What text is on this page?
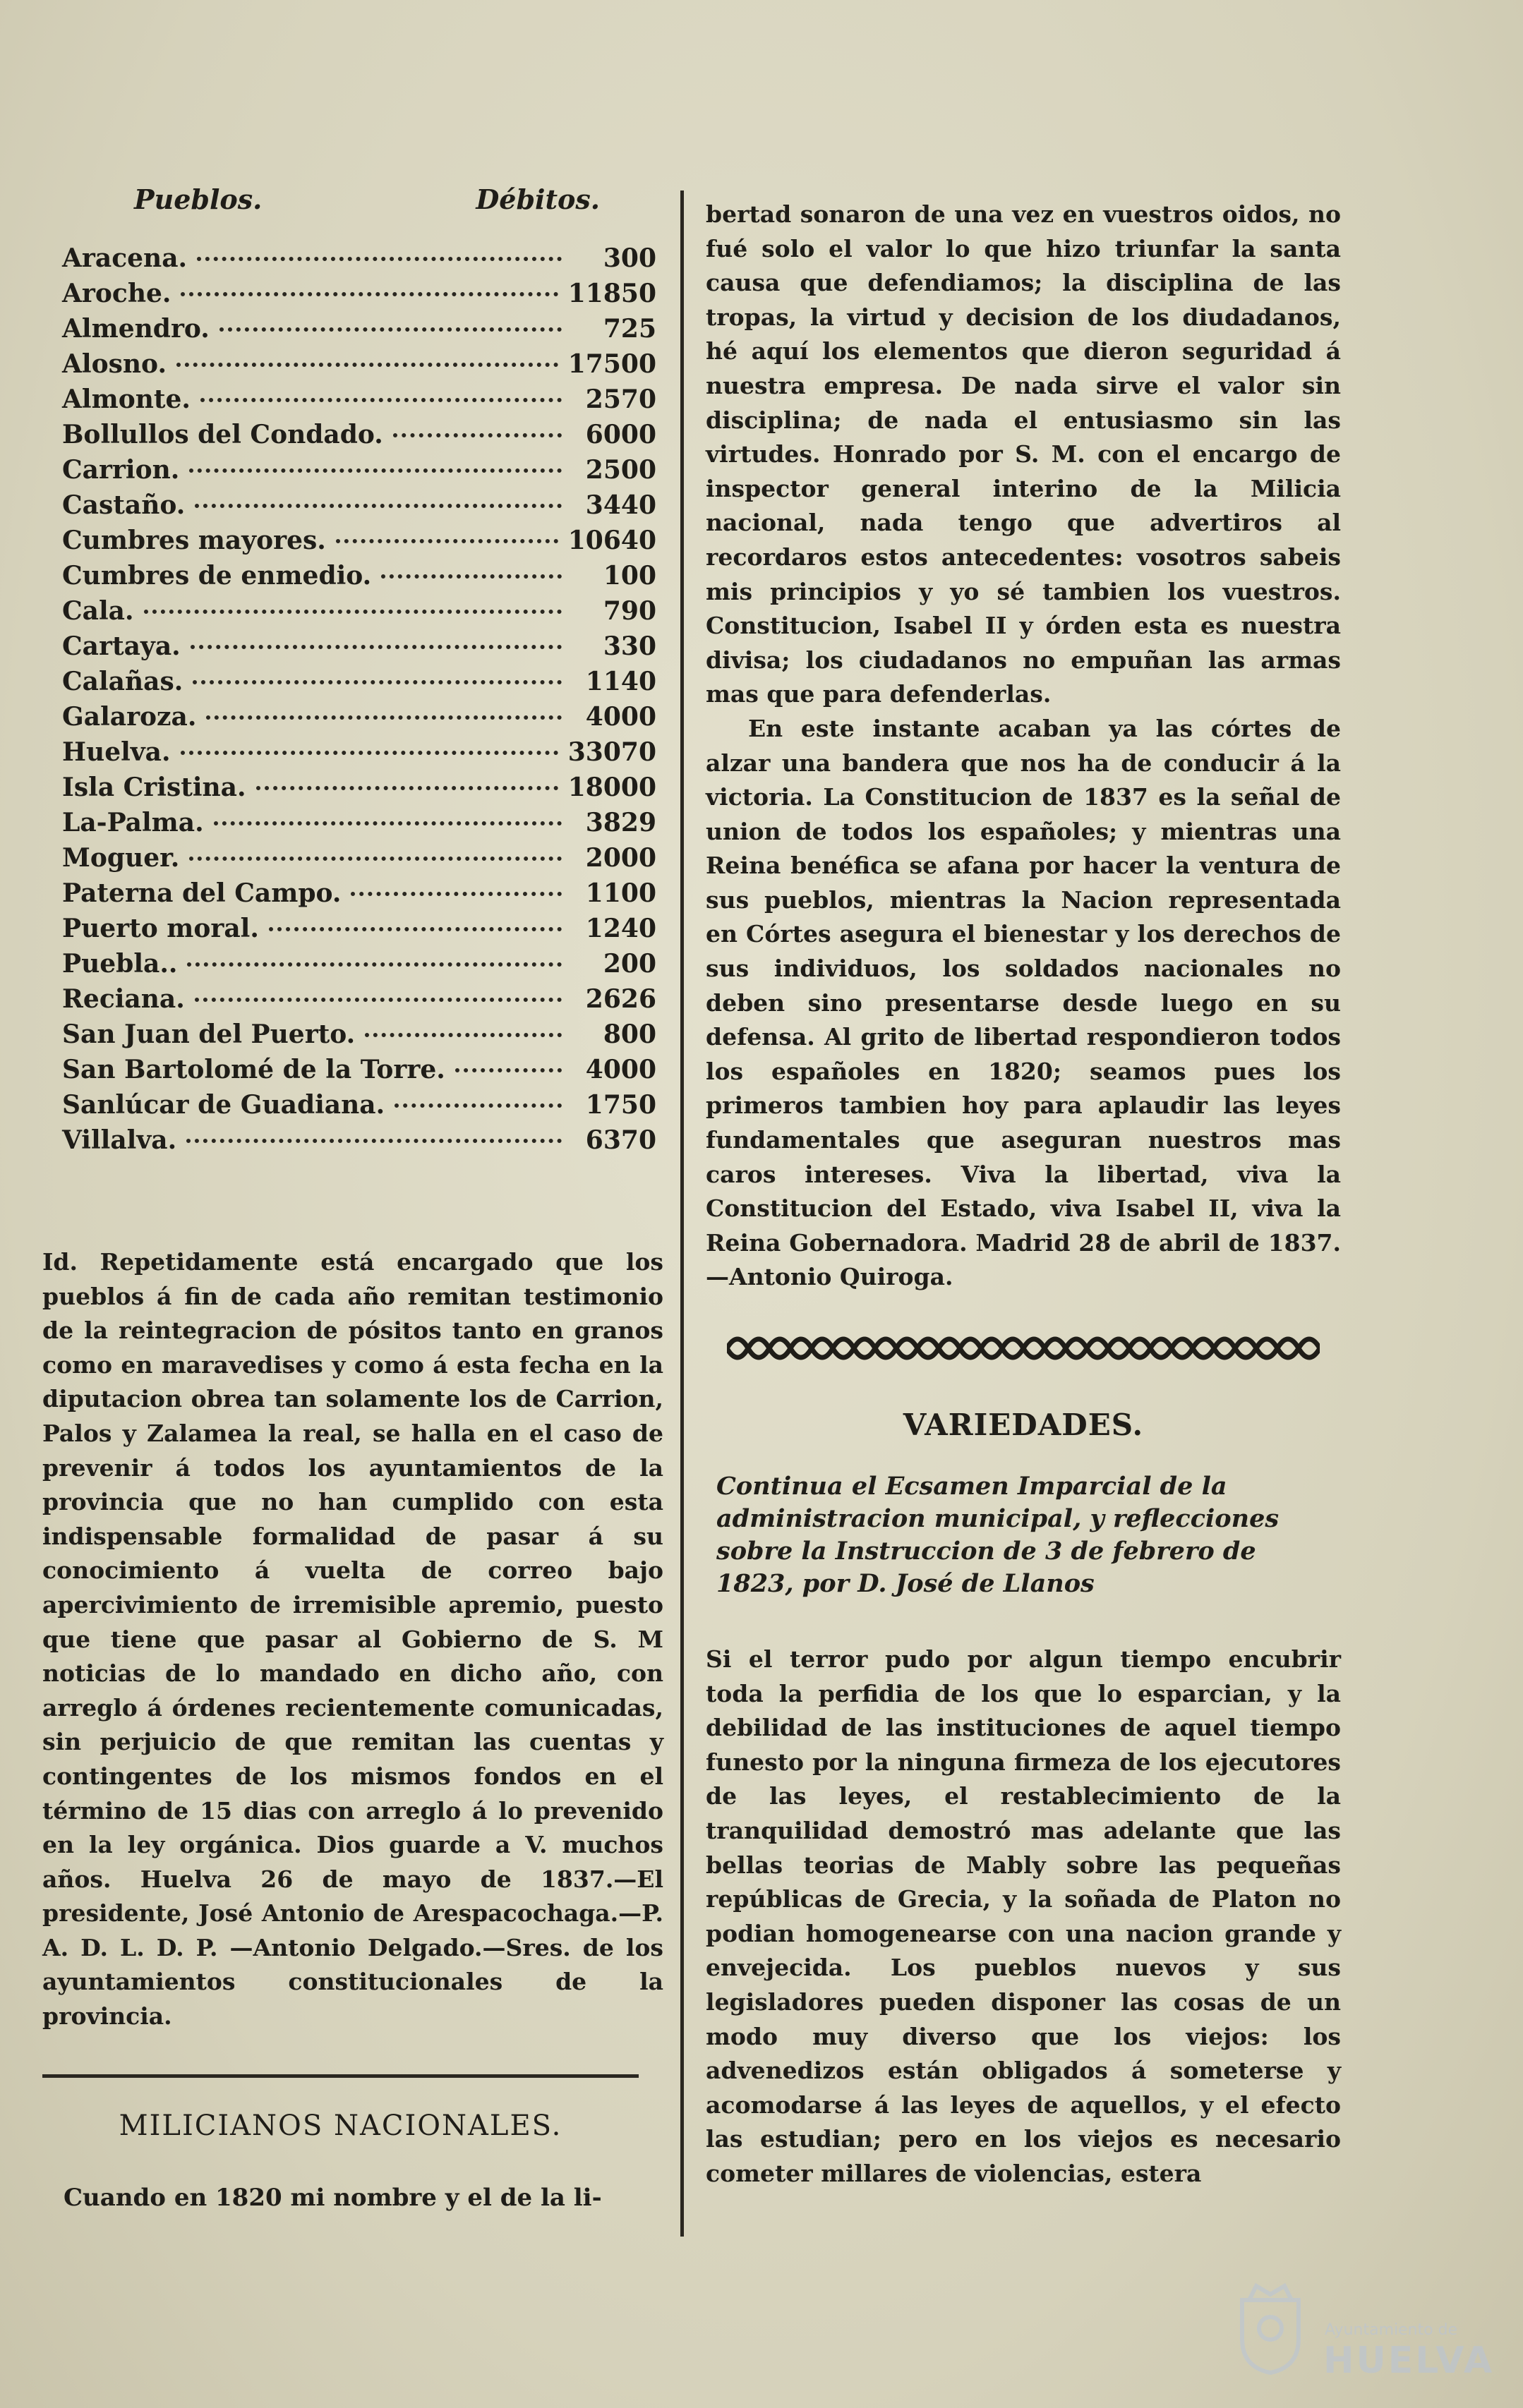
Pueblos.	Débitos.
Aracena.	300
Aroche.	11850
Almendro.	725
Alosno.	17500
Almonte.	2570
Bollullos del Condado.	6000
Carrion.	2500
Castaño.	3440
Cumbres mayores.	10640
Cumbres de enmedio.	100
Cala.	790
Cartaya.	330
Calañas.	1140
Galaroza.	4000
Huelva.	33070
Isla Cristina.	18000
La-Palma.	3829
Moguer.	2000
Paterna del Campo.	1100
Puerto moral.	1240
Puebla..	200
Reciana.	2626
San Juan del Puerto.	800
San Bartolomé de la Torre.	4000
Sanlúcar de Guadiana.	1750
Villalva.	6370

Id. Repetidamente está encargado que los pueblos á fin de cada año remitan testimonio de la reintegracion de pósitos tanto en granos como en maravedises y como á esta fecha en la diputacion obrea tan solamente los de Carrion, Palos y Zalamea la real, se halla en el caso de prevenir á todos los ayuntamientos de la provincia que no han cumplido con esta indispensable formalidad de pasar á su conocimiento á vuelta de correo bajo apercivimiento de irremisible apremio, puesto que tiene que pasar al Gobierno de S. M noticias de lo mandado en dicho año, con arreglo á órdenes recientemente comunicadas, sin perjuicio de que remitan las cuentas y contingentes de los mismos fondos en el término de 15 dias con arreglo á lo prevenido en la ley orgánica. Dios guarde a V. muchos años. Huelva 26 de mayo de 1837.—El presidente, José Antonio de Arespacochaga.—P. A. D. L. D. P. —Antonio Delgado.—Sres. de los ayuntamientos constitucionales de la provincia.

MILICIANOS NACIONALES.
Cuando en 1820 mi nombre y el de la li-

bertad sonaron de una vez en vuestros oidos, no fué solo el valor lo que hizo triunfar la santa causa que defendiamos; la disciplina de las tropas, la virtud y decision de los diudadanos, hé aquí los elementos que dieron seguridad á nuestra empresa. De nada sirve el valor sin disciplina; de nada el entusiasmo sin las virtudes. Honrado por S. M. con el encargo de inspector general interino de la Milicia nacional, nada tengo que advertiros al recordaros estos antecedentes: vosotros sabeis mis principios y yo sé tambien los vuestros. Constitucion, Isabel II y órden esta es nuestra divisa; los ciudadanos no empuñan las armas mas que para defenderlas.

En este instante acaban ya las córtes de alzar una bandera que nos ha de conducir á la victoria. La Constitucion de 1837 es la señal de union de todos los españoles; y mientras una Reina benéfica se afana por hacer la ventura de sus pueblos, mientras la Nacion representada en Córtes asegura el bienestar y los derechos de sus individuos, los soldados nacionales no deben sino presentarse desde luego en su defensa. Al grito de libertad respondieron todos los españoles en 1820; seamos pues los primeros tambien hoy para aplaudir las leyes fundamentales que aseguran nuestros mas caros intereses. Viva la libertad, viva la Constitucion del Estado, viva Isabel II, viva la Reina Gobernadora. Madrid 28 de abril de 1837.—Antonio Quiroga.

VARIEDADES.
Continua el Ecsamen Imparcial de la administracion municipal, y reflecciones sobre la Instruccion de 3 de febrero de 1823, por D. José de Llanos

Si el terror pudo por algun tiempo encubrir toda la perfidia de los que lo esparcian, y la debilidad de las instituciones de aquel tiempo funesto por la ninguna firmeza de los ejecutores de las leyes, el restablecimiento de la tranquilidad demostró mas adelante que las bellas teorias de Mably sobre las pequeñas repúblicas de Grecia, y la soñada de Platon no podian homogenearse con una nacion grande y envejecida. Los pueblos nuevos y sus legisladores pueden disponer las cosas de un modo muy diverso que los viejos: los advenedizos están obligados á someterse y acomodarse á las leyes de aquellos, y el efecto las estudian; pero en los viejos es necesario cometer millares de violencias, estera

Ayuntamiento de
HUELVA
